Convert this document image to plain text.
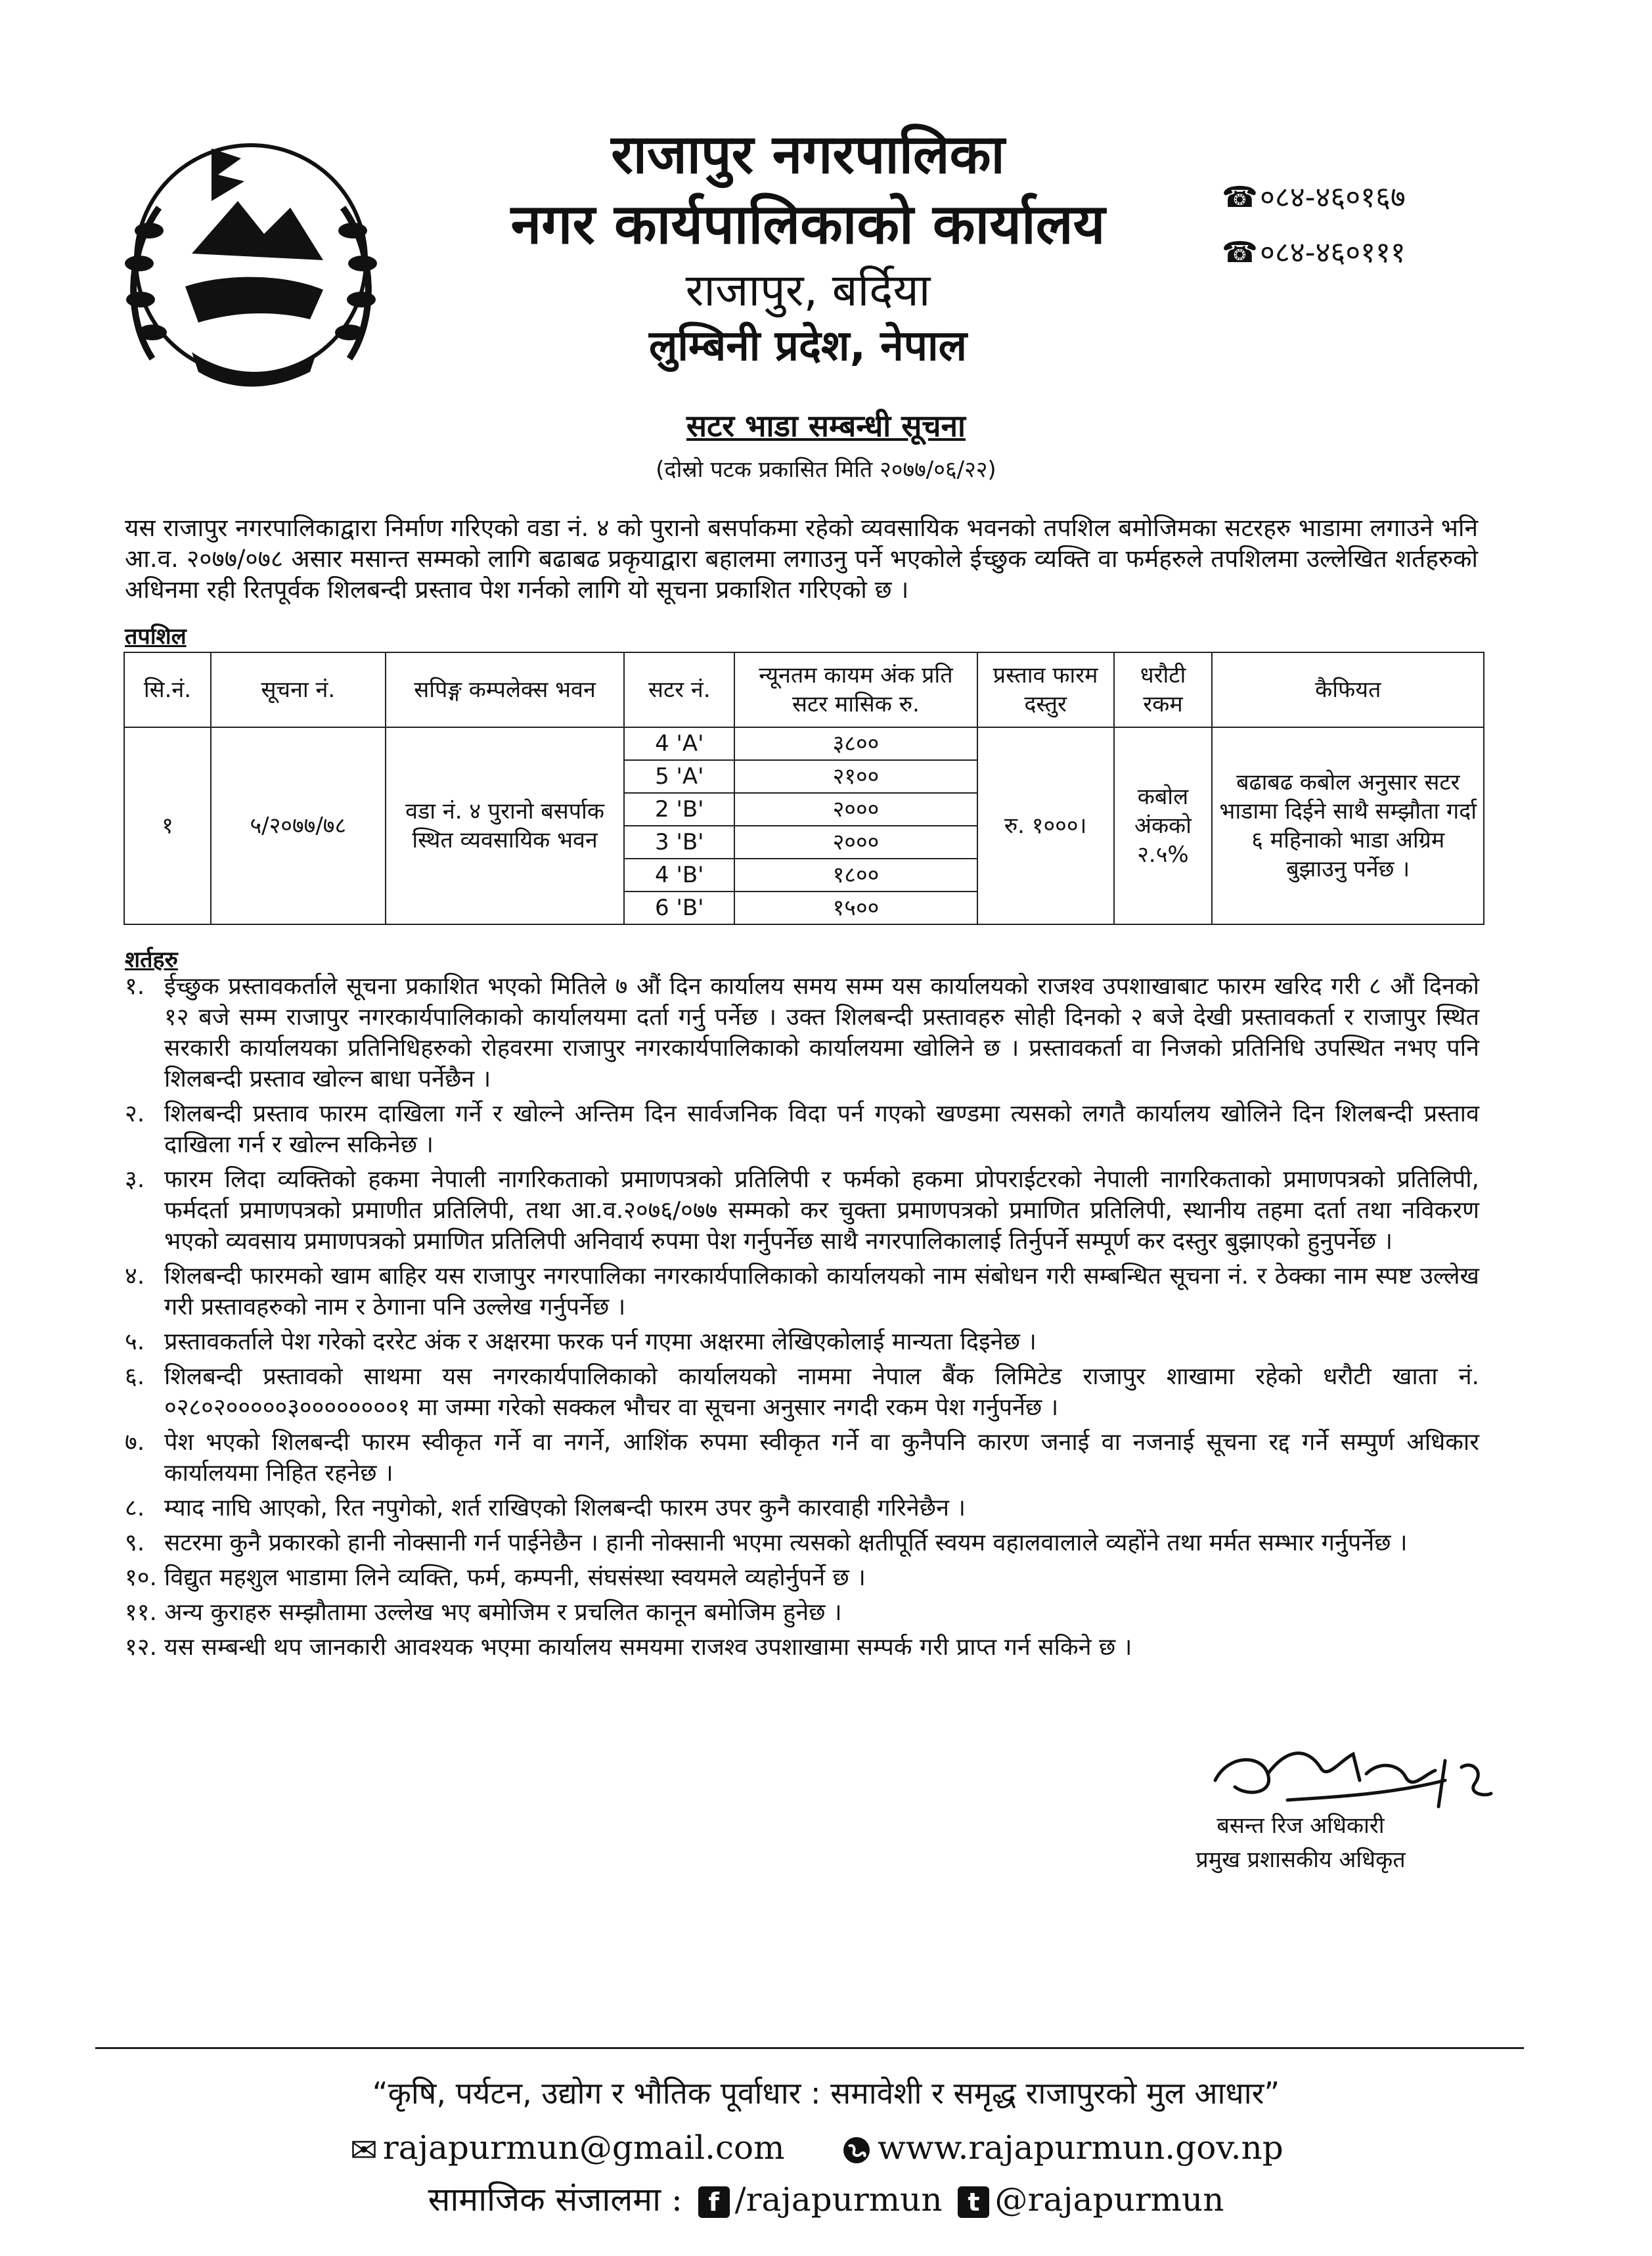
राजापुर नगरपालिका
नगर कार्यपालिकाको कार्यालय
राजापुर, बर्दिया
लुम्बिनी प्रदेश, नेपाल
☎०८४-४६०१६७
☎०८४-४६०१११
सटर भाडा सम्बन्धी सूचना
(दोस्रो पटक प्रकासित मिति २०७७/०६/२२)

यस राजापुर नगरपालिकाद्वारा निर्माण गरिएको वडा नं. ४ को पुरानो बसर्पाकमा रहेको व्यवसायिक भवनको तपशिल बमोजिमका सटरहरु भाडामा लगाउने भनि आ.व. २०७७/०७८ असार मसान्त सम्मको लागि बढाबढ प्रकृयाद्वारा बहालमा लगाउनु पर्ने भएकोले ईच्छुक व्यक्ति वा फर्महरुले तपशिलमा उल्लेखित शर्तहरुको अधिनमा रही रितपूर्वक शिलबन्दी प्रस्ताव पेश गर्नको लागि यो सूचना प्रकाशित गरिएको छ ।

तपशिल
सि.नं.	सूचना नं.	सपिङ्ग कम्पलेक्स भवन	सटर नं.	न्यूनतम कायम अंक प्रति सटर मासिक रु.	प्रस्ताव फारम दस्तुर	धरौटी रकम	कैफियत
१	५/२०७७/७८	वडा नं. ४ पुरानो बसर्पाक स्थित व्यवसायिक भवन	4 'A'	३८००	रु. १०००।	कबोल अंकको २.५%	बढाबढ कबोल अनुसार सटर भाडामा दिईने साथै सम्झौता गर्दा ६ महिनाको भाडा अग्रिम बुझाउनु पर्नेछ ।
			5 'A'	२१००			
			2 'B'	२०००			
			3 'B'	२०००			
			4 'B'	१८००			
			6 'B'	१५००			
शर्तहरु
१. ईच्छुक प्रस्तावकर्ताले सूचना प्रकाशित भएको मितिले ७ औं दिन कार्यालय समय सम्म यस कार्यालयको राजश्व उपशाखाबाट फारम खरिद गरी ८ औं दिनको १२ बजे सम्म राजापुर नगरकार्यपालिकाको कार्यालयमा दर्ता गर्नु पर्नेछ । उक्त शिलबन्दी प्रस्तावहरु सोही दिनको २ बजे देखी प्रस्तावकर्ता र राजापुर स्थित सरकारी कार्यालयका प्रतिनिधिहरुको रोहवरमा राजापुर नगरकार्यपालिकाको कार्यालयमा खोलिने छ । प्रस्तावकर्ता वा निजको प्रतिनिधि उपस्थित नभए पनि शिलबन्दी प्रस्ताव खोल्न बाधा पर्नेछैन ।
२. शिलबन्दी प्रस्ताव फारम दाखिला गर्ने र खोल्ने अन्तिम दिन सार्वजनिक विदा पर्न गएको खण्डमा त्यसको लगतै कार्यालय खोलिने दिन शिलबन्दी प्रस्ताव दाखिला गर्न र खोल्न सकिनेछ ।
३. फारम लिदा व्यक्तिको हकमा नेपाली नागरिकताको प्रमाणपत्रको प्रतिलिपी र फर्मको हकमा प्रोपराईटरको नेपाली नागरिकताको प्रमाणपत्रको प्रतिलिपी, फर्मदर्ता प्रमाणपत्रको प्रमाणीत प्रतिलिपी, तथा आ.व.२०७६/०७७ सम्मको कर चुक्ता प्रमाणपत्रको प्रमाणित प्रतिलिपी, स्थानीय तहमा दर्ता तथा नविकरण भएको व्यवसाय प्रमाणपत्रको प्रमाणित प्रतिलिपी अनिवार्य रुपमा पेश गर्नुपर्नेछ साथै नगरपालिकालाई तिर्नुपर्ने सम्पूर्ण कर दस्तुर बुझाएको हुनुपर्नेछ ।
४. शिलबन्दी फारमको खाम बाहिर यस राजापुर नगरपालिका नगरकार्यपालिकाको कार्यालयको नाम संबोधन गरी सम्बन्धित सूचना नं. र ठेक्का नाम स्पष्ट उल्लेख गरी प्रस्तावहरुको नाम र ठेगाना पनि उल्लेख गर्नुपर्नेछ ।
५. प्रस्तावकर्ताले पेश गरेको दररेट अंक र अक्षरमा फरक पर्न गएमा अक्षरमा लेखिएकोलाई मान्यता दिइनेछ ।
६. शिलबन्दी प्रस्तावको साथमा यस नगरकार्यपालिकाको कार्यालयको नाममा नेपाल बैंक लिमिटेड राजापुर शाखामा रहेको धरौटी खाता नं. ०२८०२०००००३००००००००१ मा जम्मा गरेको सक्कल भौचर वा सूचना अनुसार नगदी रकम पेश गर्नुपर्नेछ ।
७. पेश भएको शिलबन्दी फारम स्वीकृत गर्ने वा नगर्ने, आशिंक रुपमा स्वीकृत गर्ने वा कुनैपनि कारण जनाई वा नजनाई सूचना रद्द गर्ने सम्पुर्ण अधिकार कार्यालयमा निहित रहनेछ ।
८. म्याद नाघि आएको, रित नपुगेको, शर्त राखिएको शिलबन्दी फारम उपर कुनै कारवाही गरिनेछैन ।
९. सटरमा कुनै प्रकारको हानी नोक्सानी गर्न पाईनेछैन । हानी नोक्सानी भएमा त्यसको क्षतीपूर्ति स्वयम वहालवालाले व्यहोंने तथा मर्मत सम्भार गर्नुपर्नेछ ।
१०. विद्युत महशुल भाडामा लिने व्यक्ति, फर्म, कम्पनी, संघसंस्था स्वयमले व्यहोर्नुपर्ने छ ।
११. अन्य कुराहरु सम्झौतामा उल्लेख भए बमोजिम र प्रचलित कानून बमोजिम हुनेछ ।
१२. यस सम्बन्धी थप जानकारी आवश्यक भएमा कार्यालय समयमा राजश्व उपशाखामा सम्पर्क गरी प्राप्त गर्न सकिने छ ।
बसन्त रिज अधिकारी
प्रमुख प्रशासकीय अधिकृत
“कृषि, पर्यटन, उद्योग र भौतिक पूर्वाधार : समावेशी र समृद्ध राजापुरको मुल आधार”
✉ rajapurmun@gmail.com	www.rajapurmun.gov.np
सामाजिक संजालमा : f /rajapurmun t @rajapurmun
